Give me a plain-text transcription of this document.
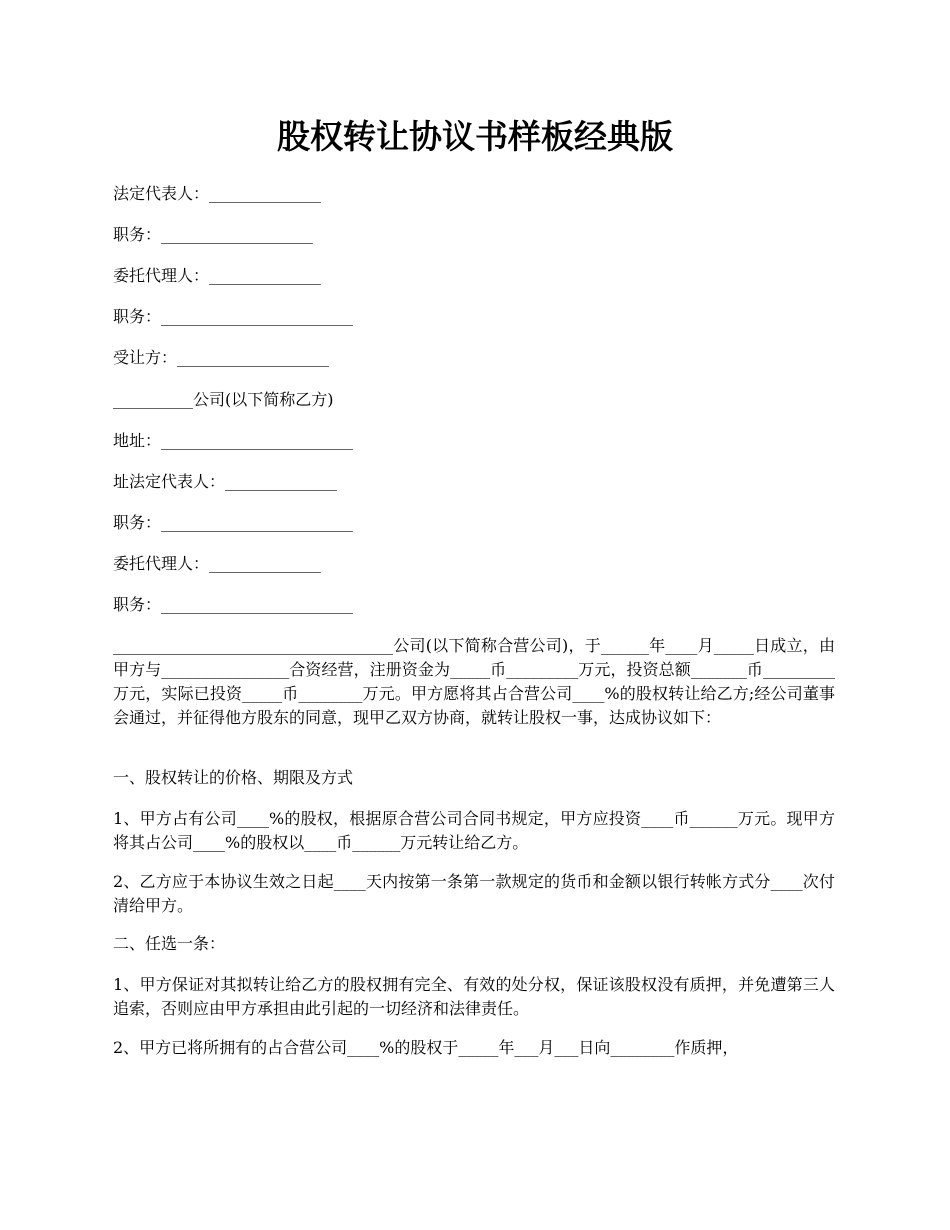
股权转让协议书样板经典版

法定代表人：______________

职务：___________________

委托代理人：______________

职务：________________________

受让方：___________________

__________公司(以下简称乙方)

地址：________________________

址法定代表人：______________

职务：________________________

委托代理人：______________

职务：________________________

___________________________________公司(以下简称合营公司)，于______年____月_____日成立，由甲方与________________合资经营，注册资金为_____币_________万元，投资总额_______币_________万元，实际已投资_____币________万元。甲方愿将其占合营公司____%的股权转让给乙方;经公司董事会通过，并征得他方股东的同意，现甲乙双方协商，就转让股权一事，达成协议如下：

一、股权转让的价格、期限及方式

1、甲方占有公司____%的股权，根据原合营公司合同书规定，甲方应投资____币______万元。现甲方将其占公司____%的股权以____币______万元转让给乙方。

2、乙方应于本协议生效之日起____天内按第一条第一款规定的货币和金额以银行转帐方式分____次付清给甲方。

二、任选一条：

1、甲方保证对其拟转让给乙方的股权拥有完全、有效的处分权，保证该股权没有质押，并免遭第三人追索，否则应由甲方承担由此引起的一切经济和法律责任。

2、甲方已将所拥有的占合营公司____%的股权于_____年___月___日向________作质押，
